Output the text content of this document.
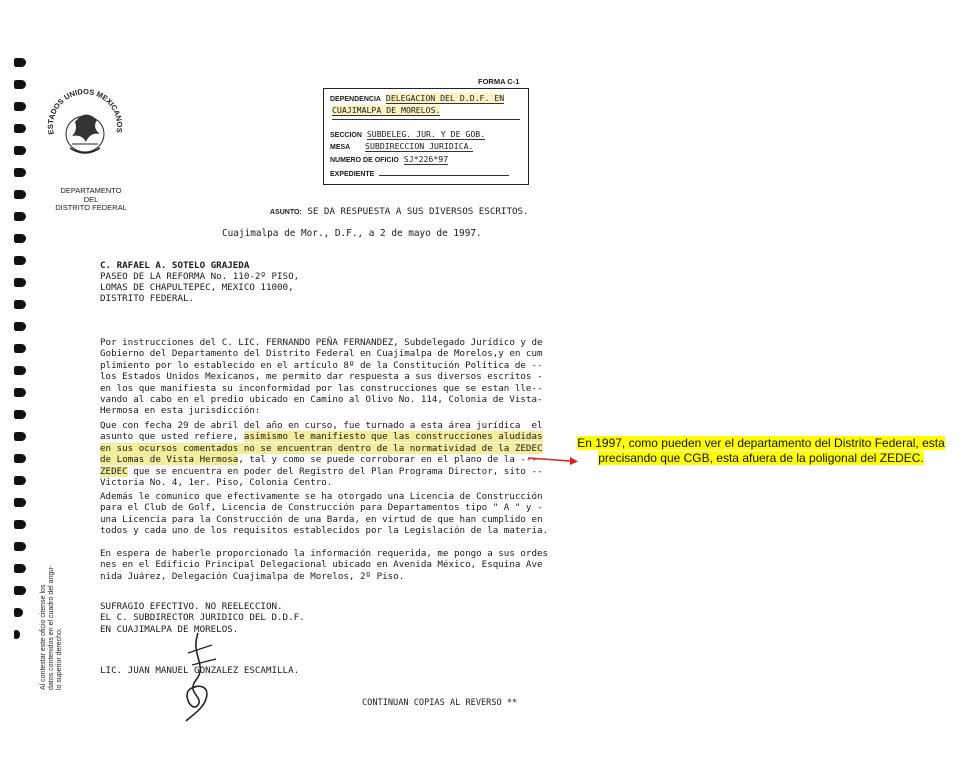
ESTADOS UNIDOS MEXICANOS
DEPARTAMENTO
DEL
DISTRITO FEDERAL
FORMA C-1
DEPENDENCIA DELEGACION DEL D.D.F. EN
CUAJIMALPA DE MORELOS.
SECCION SUBDELEG. JUR. Y DE GOB.
MESA SUBDIRECCION JURIDICA.
NUMERO DE OFICIO SJ*226*97
EXPEDIENTE
ASUNTO: SE DA RESPUESTA A SUS DIVERSOS ESCRITOS.
Cuajimalpa de Mor., D.F., a 2 de mayo de 1997.
C. RAFAEL A. SOTELO GRAJEDA
PASEO DE LA REFORMA No. 110-2º PISO,
LOMAS DE CHAPULTEPEC, MEXICO 11000,
DISTRITO FEDERAL.
Por instrucciones del C. LIC. FERNANDO PEÑA FERNANDEZ, Subdelegado Jurídico y de
Gobierno del Departamento del Distrito Federal en Cuajimalpa de Morelos,y en cum
plimiento por lo establecido en el artículo 8º de la Constitución Política de --
los Estados Unidos Mexicanos, me permito dar respuesta a sus diversos escritos -
en los que manifiesta su inconformidad por las construcciones que se estan lle--
vando al cabo en el predio ubicado en Camino al Olivo No. 114, Colonia de Vista-
Hermosa en esta jurisdicción:
Que con fecha 29 de abril del año en curso, fue turnado a esta área jurídica  el
asunto que usted refiere, asimismo le manifiesto que las construcciones aludidas
en sus ocursos comentados no se encuentran dentro de la normatividad de la ZEDEC
de Lomas de Vista Hermosa, tal y como se puede corroborar en el plano de la ---
ZEDEC que se encuentra en poder del Registro del Plan Programa Director, sito --
Victoria No. 4, 1er. Piso, Colonia Centro.
Además le comunico que efectivamente se ha otorgado una Licencia de Construcción
para el Club de Golf, Licencia de Construcción para Departamentos tipo " A " y -
una Licencia para la Construcción de una Barda, en virtud de que han cumplido en
todos y cada uno de los requisitos establecidos por la Legislación de la materia.
En espera de haberle proporcionado la información requerida, me pongo a sus ordes
nes en el Edificio Principal Delegacional ubicado en Avenida México, Esquina Ave
nida Juárez, Delegación Cuajimalpa de Morelos, 2º Piso.
SUFRAGIO EFECTIVO. NO REELECCION.
EL C. SUBDIRECTOR JURIDICO DEL D.D.F.
EN CUAJIMALPA DE MORELOS.
LIC. JUAN MANUEL GONZALEZ ESCAMILLA.
CONTINUAN COPIAS AL REVERSO **
Al contestar este oficio citense los
datos contenidos en el cuadro del angu-
lo superior derecho.
En 1997, como pueden ver el departamento del Distrito Federal, esta precisando que CGB, esta afuera de la poligonal del ZEDEC.
